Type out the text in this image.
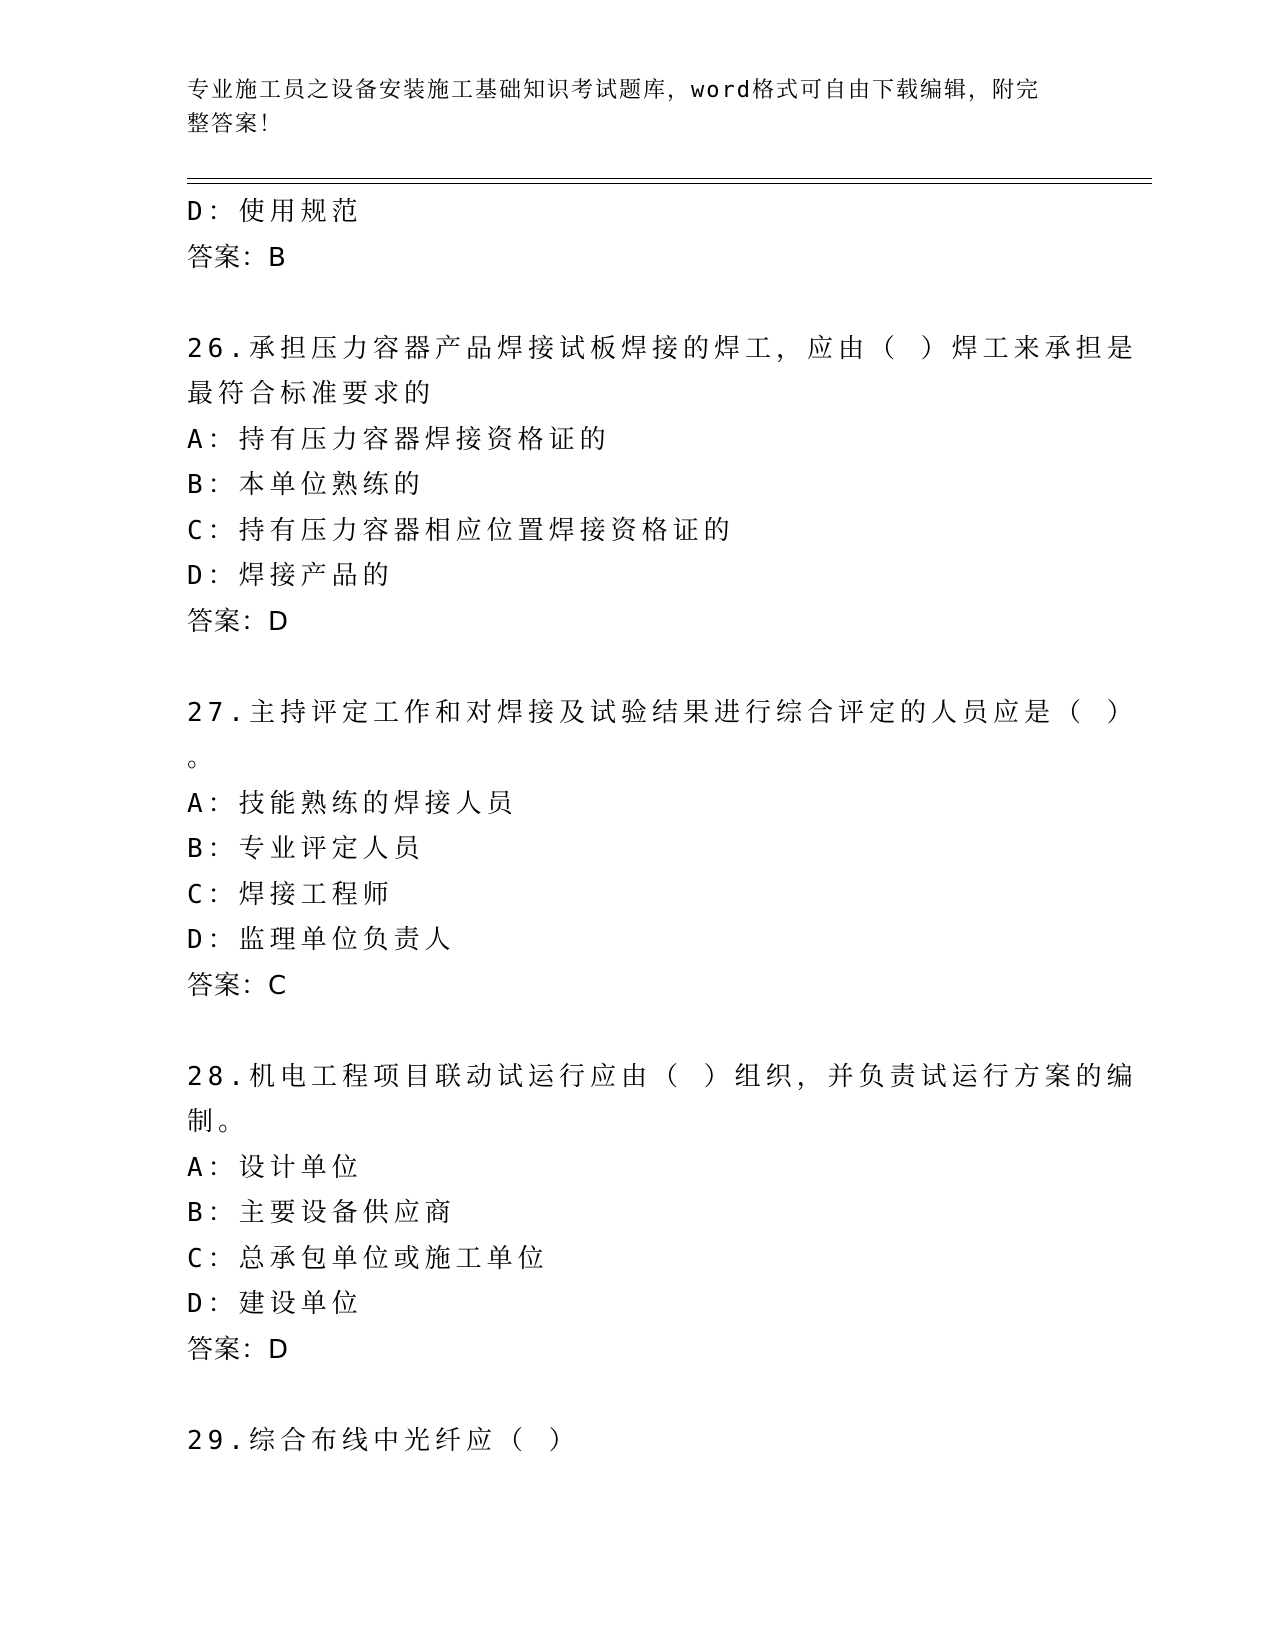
专业施工员之设备安装施工基础知识考试题库，word格式可自由下载编辑，附完
整答案！
D：使用规范
答案：B
26.承担压力容器产品焊接试板焊接的焊工，应由（ ）焊工来承担是
最符合标准要求的
A：持有压力容器焊接资格证的
B：本单位熟练的
C：持有压力容器相应位置焊接资格证的
D：焊接产品的
答案：D
27.主持评定工作和对焊接及试验结果进行综合评定的人员应是（ ）
。
A：技能熟练的焊接人员
B：专业评定人员
C：焊接工程师
D：监理单位负责人
答案：C
28.机电工程项目联动试运行应由（ ）组织，并负责试运行方案的编
制。
A：设计单位
B：主要设备供应商
C：总承包单位或施工单位
D：建设单位
答案：D
29.综合布线中光纤应（ ）
